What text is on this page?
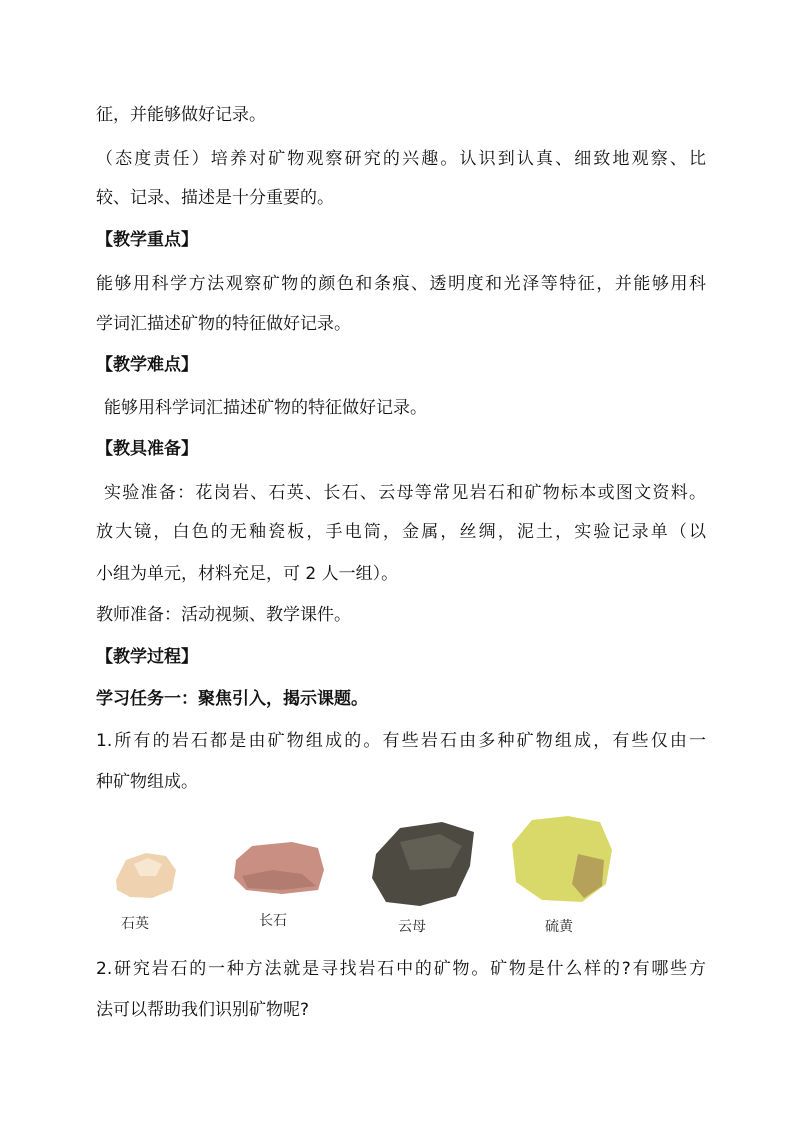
征，并能够做好记录。
（态度责任）培养对矿物观察研究的兴趣。认识到认真、细致地观察、比
较、记录、描述是十分重要的。
【教学重点】
能够用科学方法观察矿物的颜色和条痕、透明度和光泽等特征，并能够用科
学词汇描述矿物的特征做好记录。
【教学难点】
能够用科学词汇描述矿物的特征做好记录。
【教具准备】
实验准备：花岗岩、石英、长石、云母等常见岩石和矿物标本或图文资料。
放大镜，白色的无釉瓷板，手电筒，金属，丝绸，泥土，实验记录单（以
小组为单元，材料充足，可 2 人一组）。
教师准备：活动视频、教学课件。
【教学过程】
学习任务一：聚焦引入，揭示课题。
1.所有的岩石都是由矿物组成的。有些岩石由多种矿物组成，有些仅由一
种矿物组成。
石英	长石	云母	硫黄
2.研究岩石的一种方法就是寻找岩石中的矿物。矿物是什么样的?有哪些方
法可以帮助我们识别矿物呢?
